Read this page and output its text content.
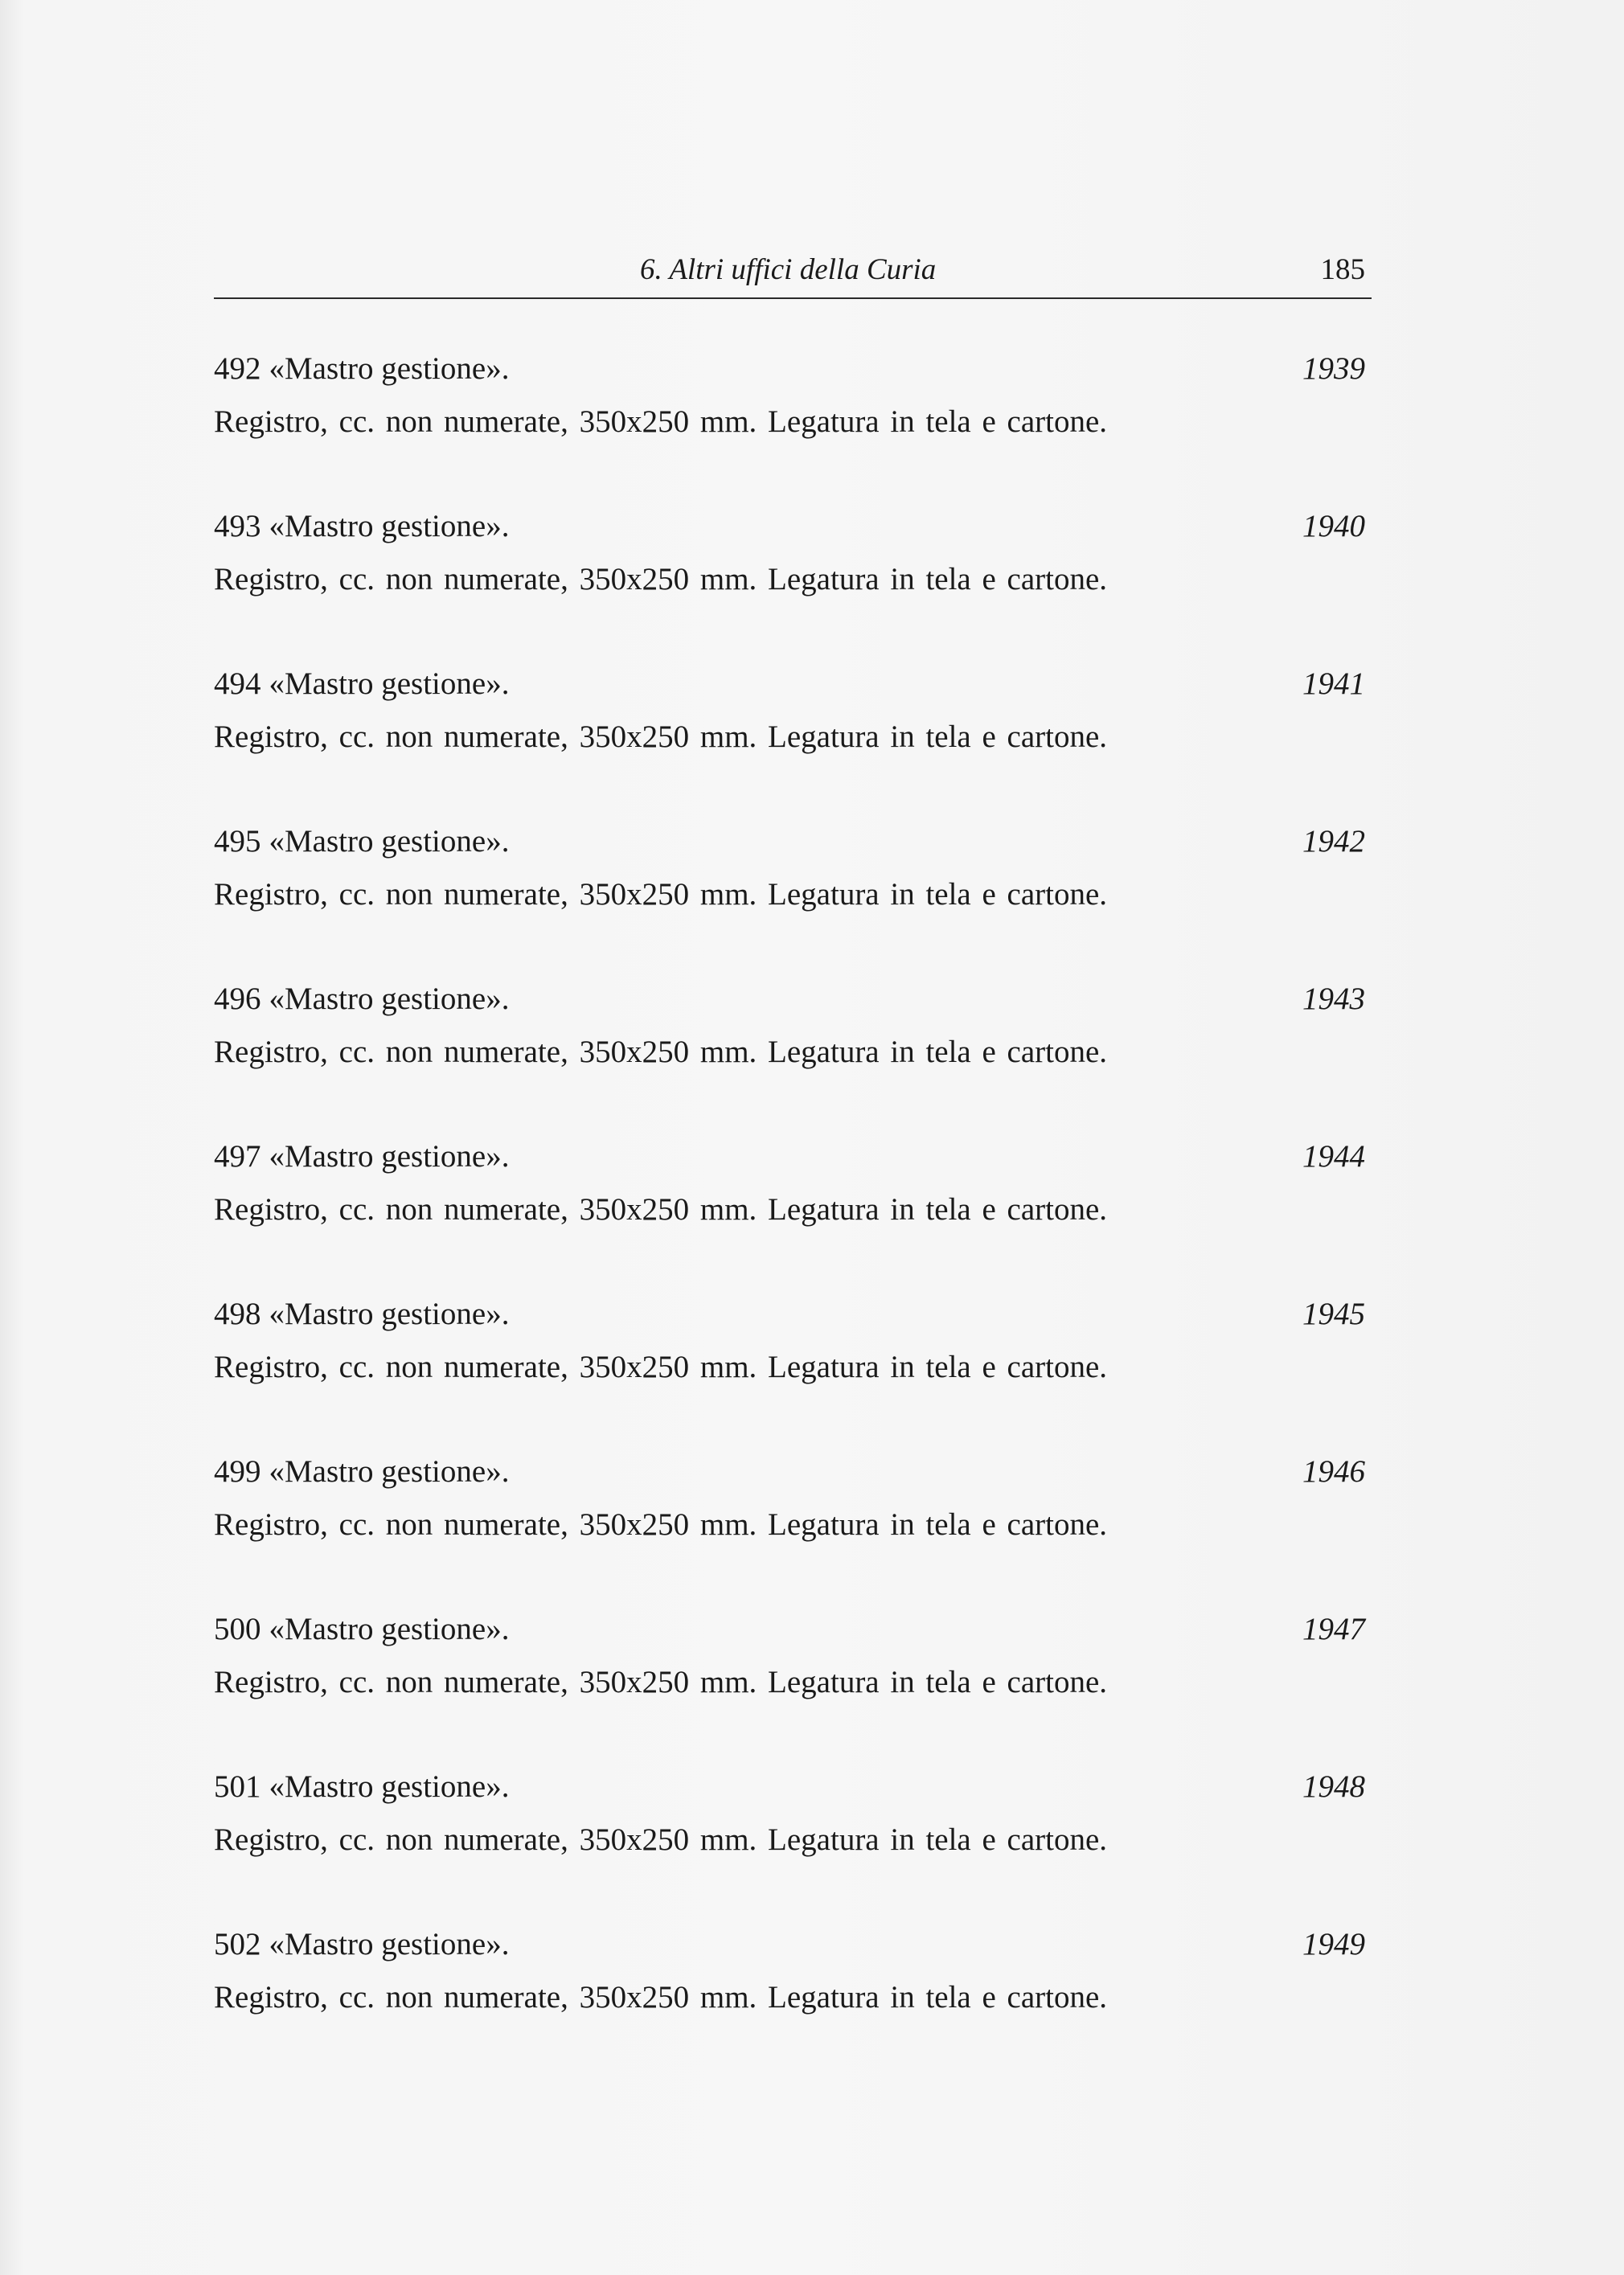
6. Altri uffici della Curia	185
492 «Mastro gestione».	1939
Registro, cc. non numerate, 350x250 mm. Legatura in tela e cartone.
493 «Mastro gestione».	1940
Registro, cc. non numerate, 350x250 mm. Legatura in tela e cartone.
494 «Mastro gestione».	1941
Registro, cc. non numerate, 350x250 mm. Legatura in tela e cartone.
495 «Mastro gestione».	1942
Registro, cc. non numerate, 350x250 mm. Legatura in tela e cartone.
496 «Mastro gestione».	1943
Registro, cc. non numerate, 350x250 mm. Legatura in tela e cartone.
497 «Mastro gestione».	1944
Registro, cc. non numerate, 350x250 mm. Legatura in tela e cartone.
498 «Mastro gestione».	1945
Registro, cc. non numerate, 350x250 mm. Legatura in tela e cartone.
499 «Mastro gestione».	1946
Registro, cc. non numerate, 350x250 mm. Legatura in tela e cartone.
500 «Mastro gestione».	1947
Registro, cc. non numerate, 350x250 mm. Legatura in tela e cartone.
501 «Mastro gestione».	1948
Registro, cc. non numerate, 350x250 mm. Legatura in tela e cartone.
502 «Mastro gestione».	1949
Registro, cc. non numerate, 350x250 mm. Legatura in tela e cartone.
